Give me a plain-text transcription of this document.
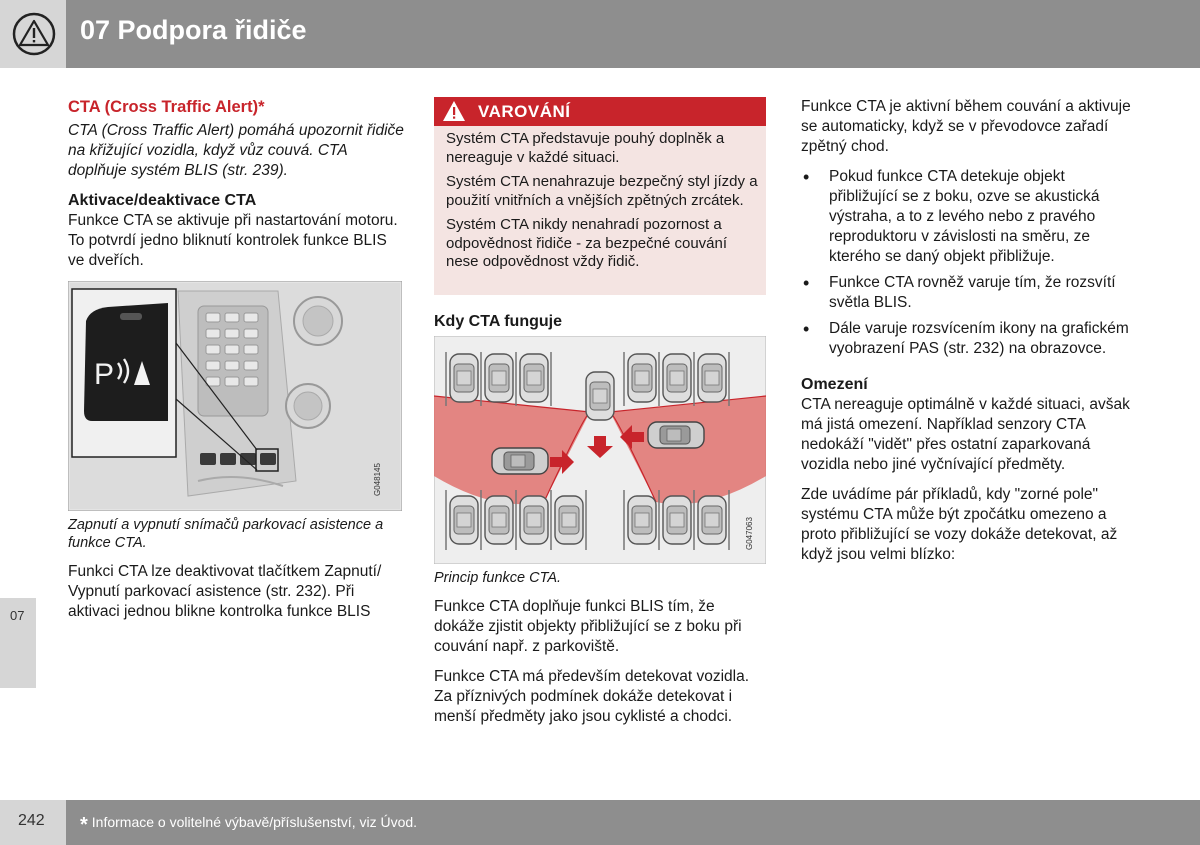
07 Podpora řidiče
07
CTA (Cross Traffic Alert)*

CTA (Cross Traffic Alert) pomáhá upozornit řidiče na křižující vozidla, když vůz couvá. CTA doplňuje systém BLIS (str. 239).

Aktivace/deaktivace CTA

Funkce CTA se aktivuje při nastartování motoru. To potvrdí jedno bliknutí kontrolek funkce BLIS ve dveřích.

P
G048145

Zapnutí a vypnutí snímačů parkovací asistence a funkce CTA.

Funkci CTA lze deaktivovat tlačítkem Zapnutí/ Vypnutí parkovací asistence (str. 232). Při aktivaci jednou blikne kontrolka funkce BLIS

VAROVÁNÍ

Systém CTA představuje pouhý doplněk a nereaguje v každé situaci.

Systém CTA nenahrazuje bezpečný styl jízdy a použití vnitřních a vnějších zpětných zrcátek.

Systém CTA nikdy nenahradí pozornost a odpovědnost řidiče - za bezpečné couvání nese odpovědnost vždy řidič.

Kdy CTA funguje
G047063

Princip funkce CTA.

Funkce CTA doplňuje funkci BLIS tím, že dokáže zjistit objekty přibližující se z boku při couvání např. z parkoviště.

Funkce CTA má především detekovat vozidla. Za příznivých podmínek dokáže detekovat i menší předměty jako jsou cyklisté a chodci.

Funkce CTA je aktivní během couvání a aktivuje se automaticky, když se v převodovce zařadí zpětný chod.

• Pokud funkce CTA detekuje objekt přibližující se z boku, ozve se akustická výstraha, a to z levého nebo z pravého reproduktoru v závislosti na směru, ze kterého se daný objekt přibližuje.
• Funkce CTA rovněž varuje tím, že rozsvítí světla BLIS.
• Dále varuje rozsvícením ikony na grafickém vyobrazení PAS (str. 232) na obrazovce.
Omezení

CTA nereaguje optimálně v každé situaci, avšak má jistá omezení. Například senzory CTA nedokáží "vidět" přes ostatní zaparkovaná vozidla nebo jiné vyčnívající předměty.

Zde uvádíme pár příkladů, kdy "zorné pole" systému CTA může být zpočátku omezeno a proto přibližující se vozy dokáže detekovat, až když jsou velmi blízko:

242 * Informace o volitelné výbavě/příslušenství, viz Úvod.
